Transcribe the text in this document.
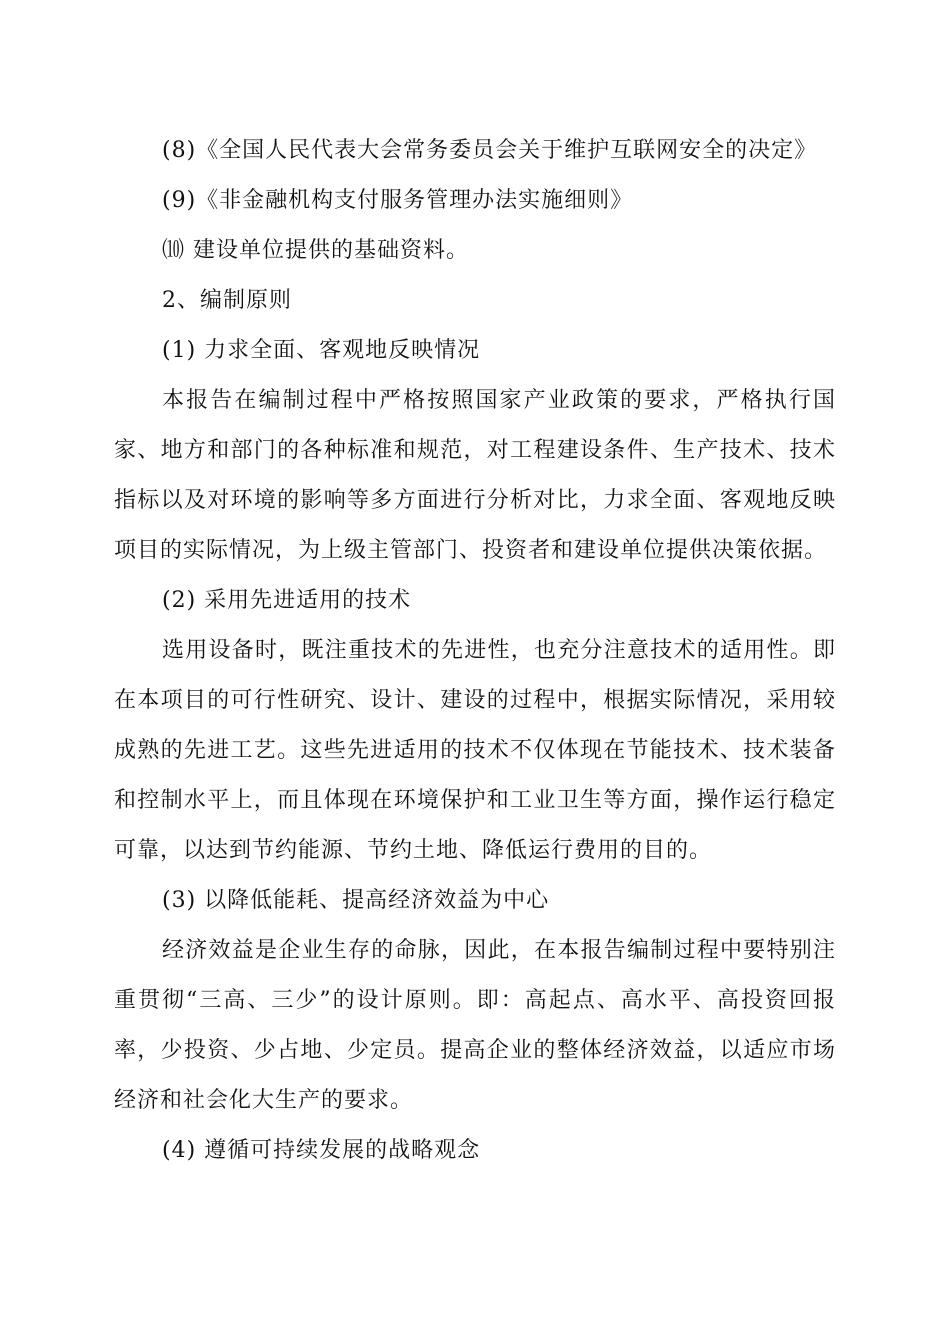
(8)《全国人民代表大会常务委员会关于维护互联网安全的决定》

(9)《非金融机构支付服务管理办法实施细则》

⑽ 建设单位提供的基础资料。

2、编制原则

(1) 力求全面、客观地反映情况

本报告在编制过程中严格按照国家产业政策的要求，严格执行国家、地方和部门的各种标准和规范，对工程建设条件、生产技术、技术指标以及对环境的影响等多方面进行分析对比，力求全面、客观地反映项目的实际情况，为上级主管部门、投资者和建设单位提供决策依据。

(2) 采用先进适用的技术

选用设备时，既注重技术的先进性，也充分注意技术的适用性。即在本项目的可行性研究、设计、建设的过程中，根据实际情况，采用较成熟的先进工艺。这些先进适用的技术不仅体现在节能技术、技术装备和控制水平上，而且体现在环境保护和工业卫生等方面，操作运行稳定可靠，以达到节约能源、节约土地、降低运行费用的目的。

(3) 以降低能耗、提高经济效益为中心

经济效益是企业生存的命脉，因此，在本报告编制过程中要特别注重贯彻“三高、三少”的设计原则。即：高起点、高水平、高投资回报率，少投资、少占地、少定员。提高企业的整体经济效益，以适应市场经济和社会化大生产的要求。

(4) 遵循可持续发展的战略观念
